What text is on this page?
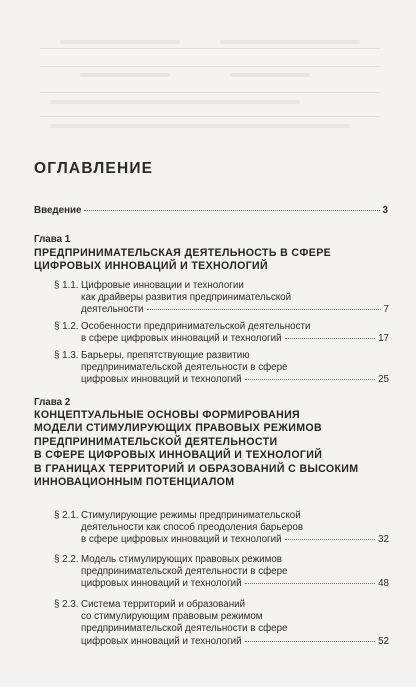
ОГЛАВЛЕНИЕ
Введение	3
Глава 1
ПРЕДПРИНИМАТЕЛЬСКАЯ ДЕЯТЕЛЬНОСТЬ В СФЕРЕ
ЦИФРОВЫХ ИННОВАЦИЙ И ТЕХНОЛОГИЙ
§ 1.1. Цифровые инновации и технологии
как драйверы развития предпринимательской
деятельности	7
§ 1.2. Особенности предпринимательской деятельности
в сфере цифровых инноваций и технологий	17
§ 1.3. Барьеры, препятствующие развитию
предпринимательской деятельности в сфере
цифровых инноваций и технологий	25
Глава 2
КОНЦЕПТУАЛЬНЫЕ ОСНОВЫ ФОРМИРОВАНИЯ
МОДЕЛИ СТИМУЛИРУЮЩИХ ПРАВОВЫХ РЕЖИМОВ
ПРЕДПРИНИМАТЕЛЬСКОЙ ДЕЯТЕЛЬНОСТИ
В СФЕРЕ ЦИФРОВЫХ ИННОВАЦИЙ И ТЕХНОЛОГИЙ
В ГРАНИЦАХ ТЕРРИТОРИЙ И ОБРАЗОВАНИЙ С ВЫСОКИМ
ИННОВАЦИОННЫМ ПОТЕНЦИАЛОМ
§ 2.1. Стимулирующие режимы предпринимательской
деятельности как способ преодоления барьеров
в сфере цифровых инноваций и технологий	32
§ 2.2. Модель стимулирующих правовых режимов
предпринимательской деятельности в сфере
цифровых инноваций и технологий	48
§ 2.3. Система территорий и образований
со стимулирующим правовым режимом
предпринимательской деятельности в сфере
цифровых инноваций и технологий	52
